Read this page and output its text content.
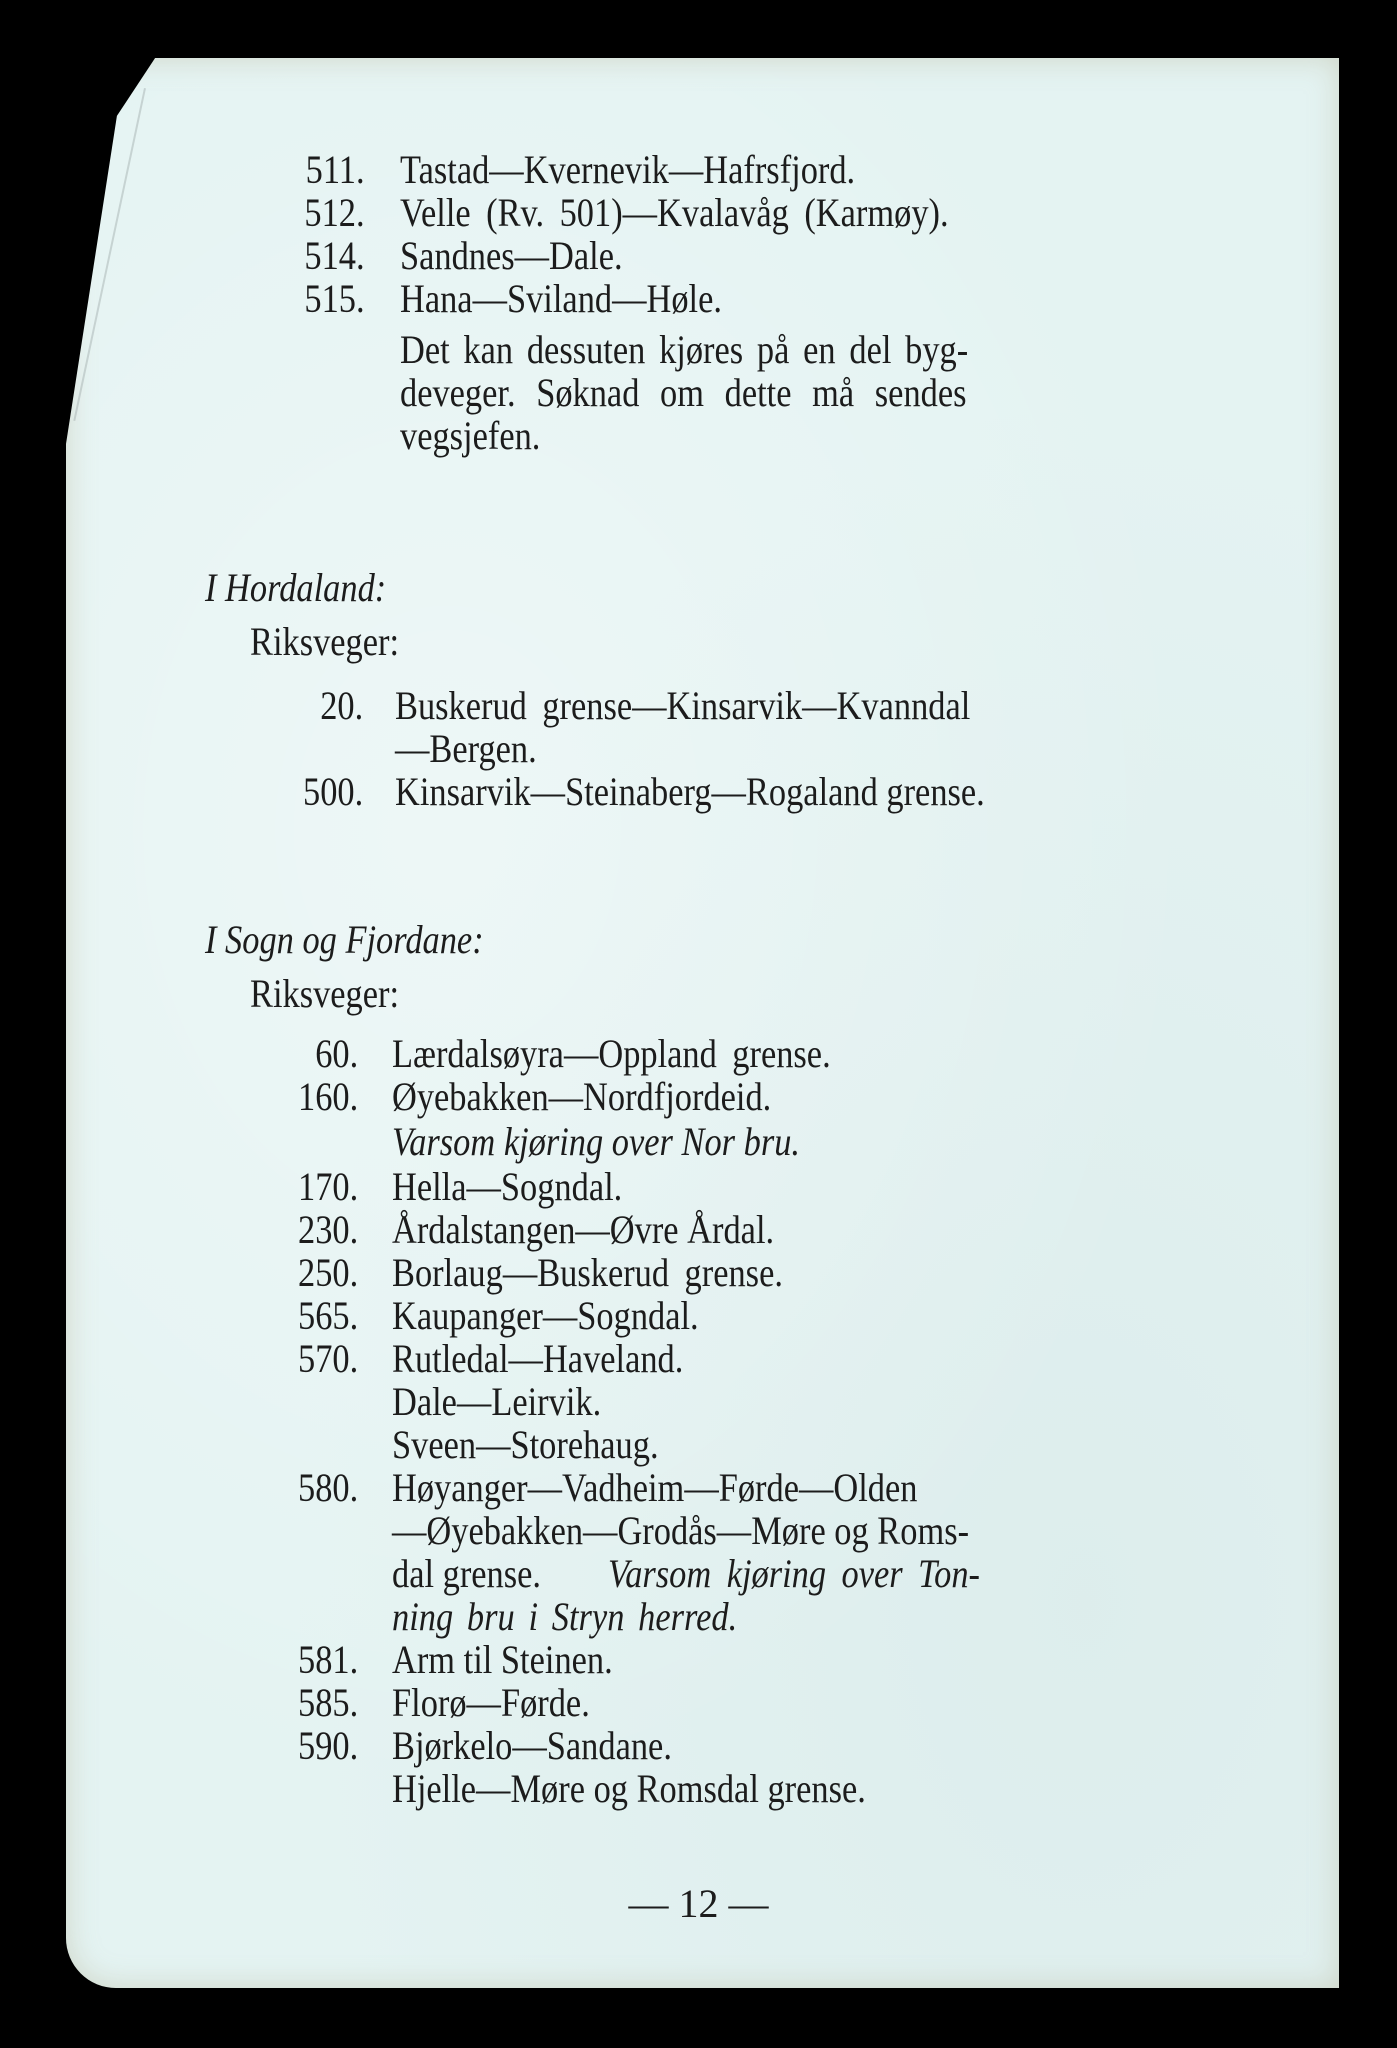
511. Tastad—Kvernevik—Hafrsfjord.
512. Velle (Rv. 501)—Kvalavåg (Karmøy).
514. Sandnes—Dale.
515. Hana—Sviland—Høle.
Det kan dessuten kjøres på en del byg-
deveger. Søknad om dette må sendes
vegsjefen.
I Hordaland:
Riksveger:
20. Buskerud grense—Kinsarvik—Kvanndal
—Bergen.
500. Kinsarvik—Steinaberg—Rogaland grense.
I Sogn og Fjordane:
Riksveger:
60. Lærdalsøyra—Oppland grense.
160. Øyebakken—Nordfjordeid.
Varsom kjøring over Nor bru.
170. Hella—Sogndal.
230. Årdalstangen—Øvre Årdal.
250. Borlaug—Buskerud grense.
565. Kaupanger—Sogndal.
570. Rutledal—Haveland.
Dale—Leirvik.
Sveen—Storehaug.
580. Høyanger—Vadheim—Førde—Olden
—Øyebakken—Grodås—Møre og Roms-
dal grense. Varsom kjøring over Ton-
ning bru i Stryn herred.
581. Arm til Steinen.
585. Florø—Førde.
590. Bjørkelo—Sandane.
Hjelle—Møre og Romsdal grense.
— 12 —
